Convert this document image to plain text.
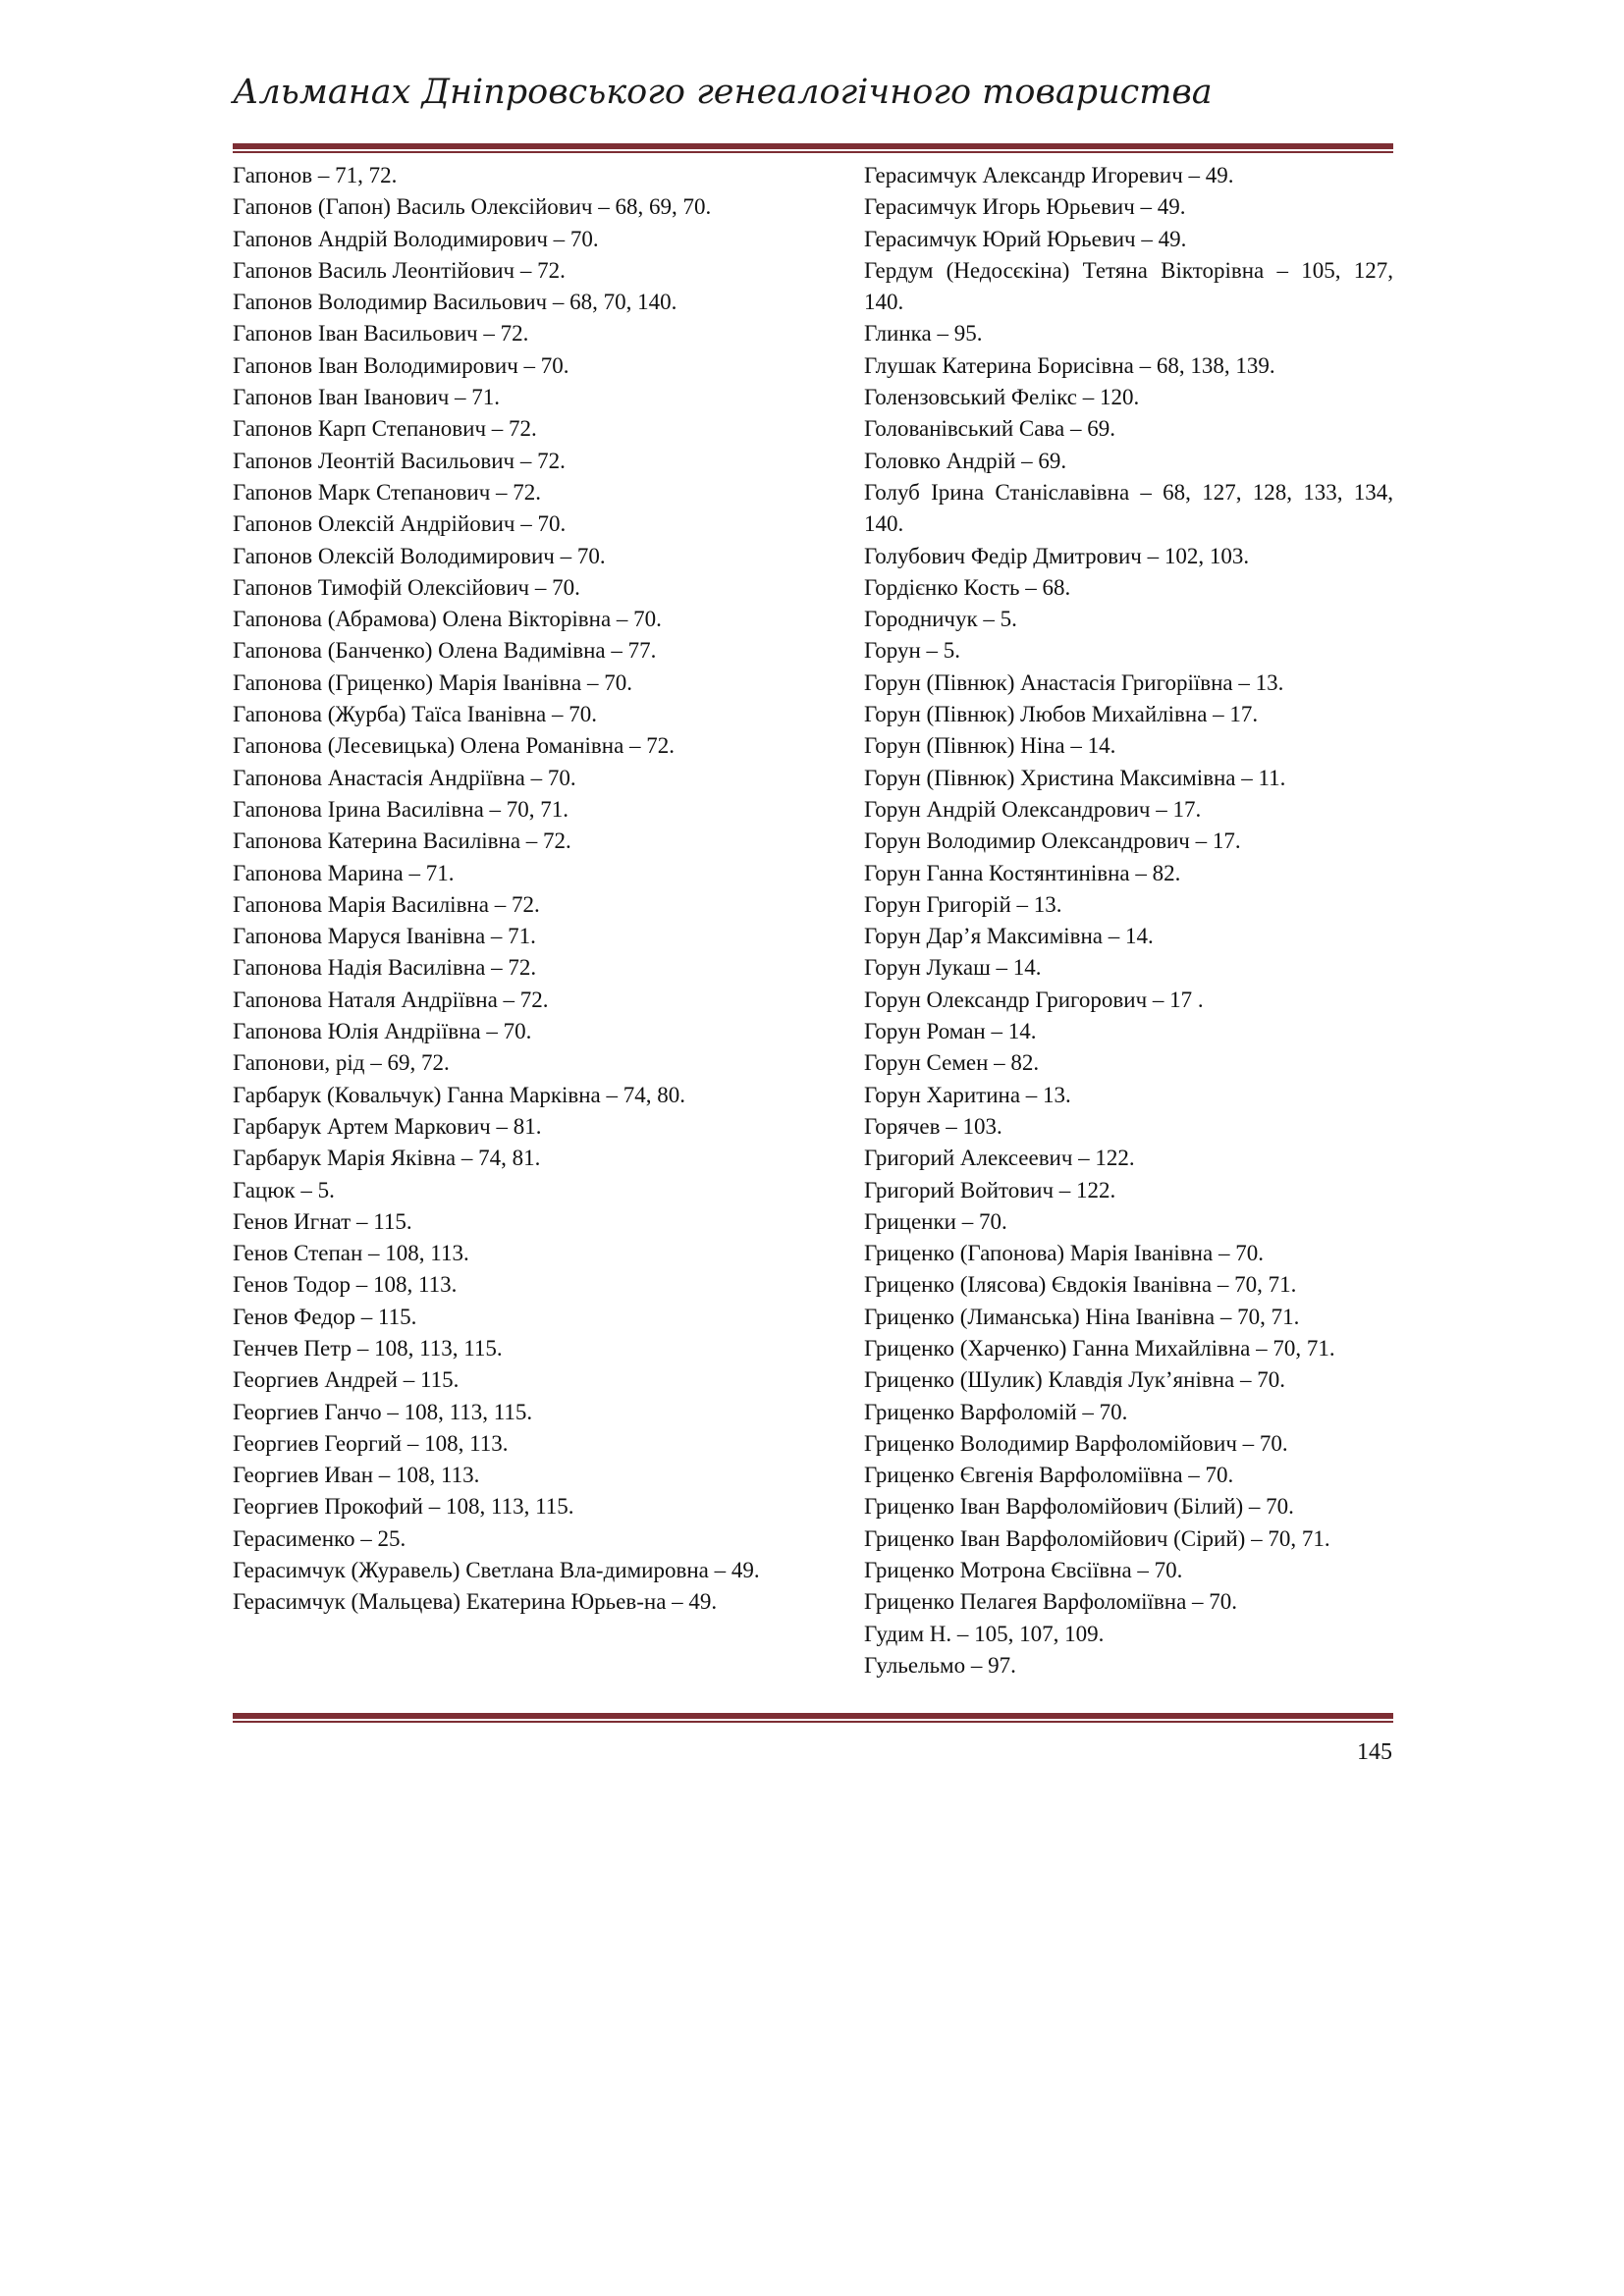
Альманах Дніпровського генеалогічного товариства
Гапонов – 71, 72.
Гапонов (Гапон) Василь Олексійович – 68, 69, 70.
Гапонов Андрій Володимирович – 70.
Гапонов Василь Леонтійович – 72.
Гапонов Володимир Васильович – 68, 70, 140.
Гапонов Іван Васильович – 72.
Гапонов Іван Володимирович – 70.
Гапонов Іван Іванович – 71.
Гапонов Карп Степанович – 72.
Гапонов Леонтій Васильович – 72.
Гапонов Марк Степанович – 72.
Гапонов Олексій Андрійович – 70.
Гапонов Олексій Володимирович – 70.
Гапонов Тимофій Олексійович – 70.
Гапонова (Абрамова) Олена Вікторівна – 70.
Гапонова (Банченко) Олена Вадимівна – 77.
Гапонова (Гриценко) Марія Іванівна – 70.
Гапонова (Журба) Таїса Іванівна – 70.
Гапонова (Лесевицька) Олена Романівна – 72.
Гапонова Анастасія Андріївна – 70.
Гапонова Ірина Василівна – 70, 71.
Гапонова Катерина Василівна – 72.
Гапонова Марина – 71.
Гапонова Марія Василівна – 72.
Гапонова Маруся Іванівна – 71.
Гапонова Надія Василівна – 72.
Гапонова Наталя Андріївна – 72.
Гапонова Юлія Андріївна – 70.
Гапонови, рід – 69, 72.
Гарбарук (Ковальчук) Ганна Марківна – 74, 80.
Гарбарук Артем Маркович – 81.
Гарбарук Марія Яківна – 74, 81.
Гацюк – 5.
Генов Игнат – 115.
Генов Степан – 108, 113.
Генов Тодор – 108, 113.
Генов Федор – 115.
Генчев Петр – 108, 113, 115.
Георгиев Андрей – 115.
Георгиев Ганчо – 108, 113, 115.
Георгиев Георгий – 108, 113.
Георгиев Иван – 108, 113.
Георгиев Прокофий – 108, 113, 115.
Герасименко – 25.
Герасимчук (Журавель) Светлана Вла-димировна – 49.
Герасимчук (Мальцева) Екатерина Юрьев-на – 49.
Герасимчук Александр Игоревич – 49.
Герасимчук Игорь Юрьевич – 49.
Герасимчук Юрий Юрьевич – 49.
Гердум (Недосєкіна) Тетяна Вікторівна – 105, 127, 140.
Глинка – 95.
Глушак Катерина Борисівна – 68, 138, 139.
Голензовський Фелікс – 120.
Голованівський Сава – 69.
Головко Андрій – 69.
Голуб Ірина Станіславівна – 68, 127, 128, 133, 134, 140.
Голубович Федір Дмитрович – 102, 103.
Гордієнко Кость – 68.
Городничук – 5.
Горун – 5.
Горун (Півнюк) Анастасія Григоріївна – 13.
Горун (Півнюк) Любов Михайлівна – 17.
Горун (Півнюк) Ніна – 14.
Горун (Півнюк) Христина Максимівна – 11.
Горун Андрій Олександрович – 17.
Горун Володимир Олександрович – 17.
Горун Ганна Костянтинівна – 82.
Горун Григорій – 13.
Горун Дар’я Максимівна – 14.
Горун Лукаш – 14.
Горун Олександр Григорович – 17 .
Горун Роман – 14.
Горун Семен – 82.
Горун Харитина – 13.
Горячев – 103.
Григорий Алексеевич – 122.
Григорий Войтович – 122.
Гриценки – 70.
Гриценко (Гапонова) Марія Іванівна – 70.
Гриценко (Ілясова) Євдокія Іванівна – 70, 71.
Гриценко (Лиманська) Ніна Іванівна – 70, 71.
Гриценко (Харченко) Ганна Михайлівна – 70, 71.
Гриценко (Шулик) Клавдія Лук’янівна – 70.
Гриценко Варфоломій – 70.
Гриценко Володимир Варфоломійович – 70.
Гриценко Євгенія Варфоломіївна – 70.
Гриценко Іван Варфоломійович (Білий) – 70.
Гриценко Іван Варфоломійович (Сірий) – 70, 71.
Гриценко Мотрона Євсіївна – 70.
Гриценко Пелагея Варфоломіївна – 70.
Гудим Н. – 105, 107, 109.
Гульельмо – 97.
145
